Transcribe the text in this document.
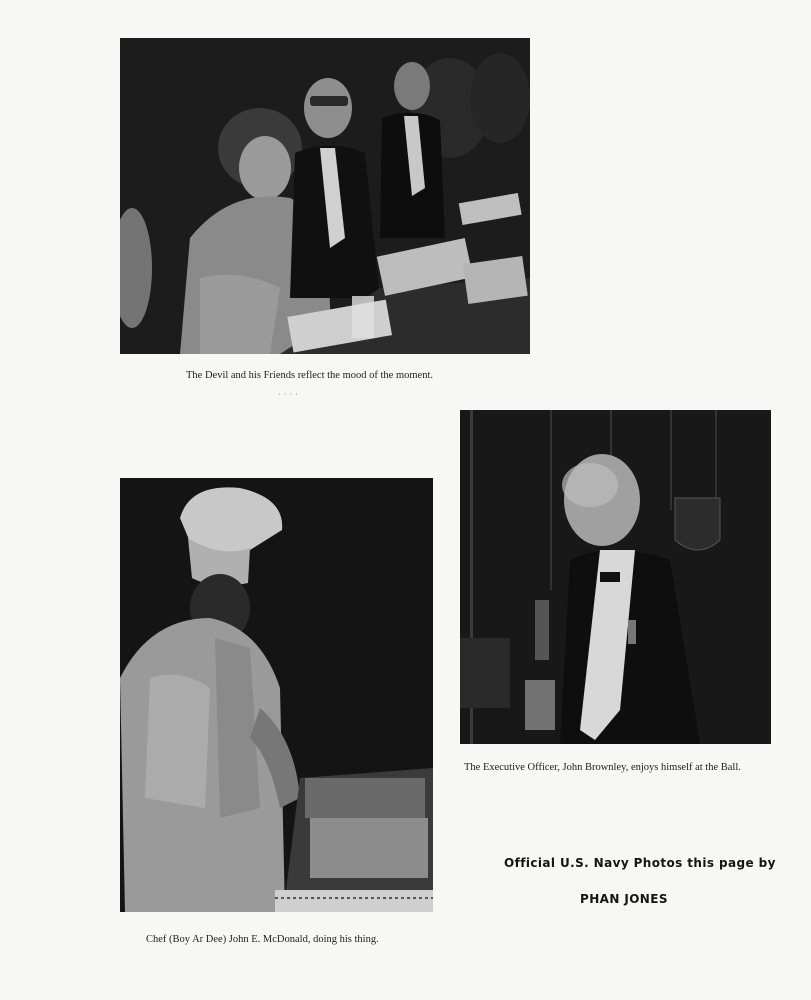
The Devil and his Friends reflect the mood of the moment.
· · · ·
The Executive Officer, John Brownley, enjoys himself at the Ball.
Chef (Boy Ar Dee) John E. McDonald, doing his thing.
Official U.S. Navy Photos this page by
PHAN JONES
